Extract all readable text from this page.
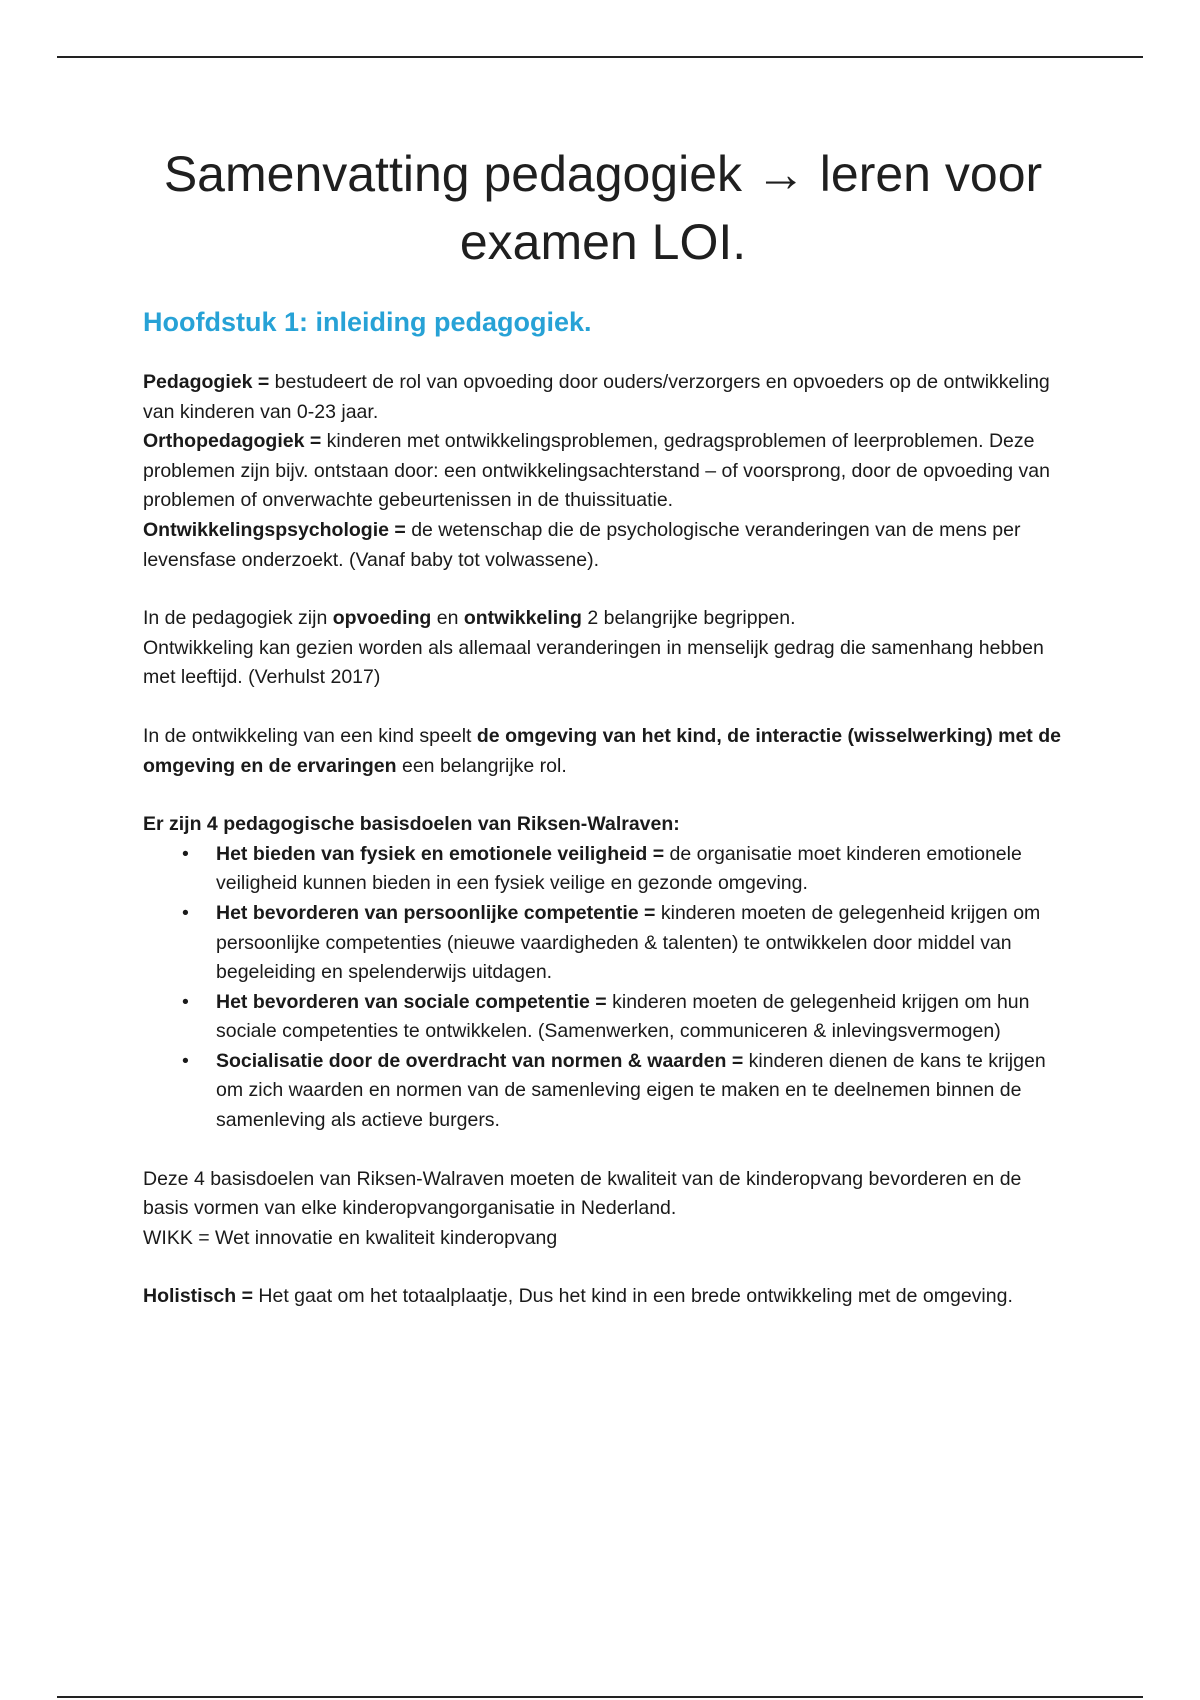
Samenvatting pedagogiek → leren voor
examen LOI.
Hoofdstuk 1: inleiding pedagogiek.

Pedagogiek = bestudeert de rol van opvoeding door ouders/verzorgers en opvoeders op de ontwikkeling van kinderen van 0-23 jaar.

Orthopedagogiek = kinderen met ontwikkelingsproblemen, gedragsproblemen of leerproblemen. Deze problemen zijn bijv. ontstaan door: een ontwikkelingsachterstand – of voorsprong, door de opvoeding van problemen of onverwachte gebeurtenissen in de thuissituatie.

Ontwikkelingspsychologie = de wetenschap die de psychologische veranderingen van de mens per levensfase onderzoekt. (Vanaf baby tot volwassene).

In de pedagogiek zijn opvoeding en ontwikkeling 2 belangrijke begrippen.

Ontwikkeling kan gezien worden als allemaal veranderingen in menselijk gedrag die samenhang hebben met leeftijd. (Verhulst 2017)

In de ontwikkeling van een kind speelt de omgeving van het kind, de interactie (wisselwerking) met de omgeving en de ervaringen een belangrijke rol.

Er zijn 4 pedagogische basisdoelen van Riksen-Walraven:

• Het bieden van fysiek en emotionele veiligheid = de organisatie moet kinderen emotionele veiligheid kunnen bieden in een fysiek veilige en gezonde omgeving.
• Het bevorderen van persoonlijke competentie = kinderen moeten de gelegenheid krijgen om persoonlijke competenties (nieuwe vaardigheden & talenten) te ontwikkelen door middel van begeleiding en spelenderwijs uitdagen.
• Het bevorderen van sociale competentie = kinderen moeten de gelegenheid krijgen om hun sociale competenties te ontwikkelen. (Samenwerken, communiceren & inlevingsvermogen)
• Socialisatie door de overdracht van normen & waarden = kinderen dienen de kans te krijgen om zich waarden en normen van de samenleving eigen te maken en te deelnemen binnen de samenleving als actieve burgers.

Deze 4 basisdoelen van Riksen-Walraven moeten de kwaliteit van de kinderopvang bevorderen en de basis vormen van elke kinderopvangorganisatie in Nederland.

WIKK = Wet innovatie en kwaliteit kinderopvang

Holistisch = Het gaat om het totaalplaatje, Dus het kind in een brede ontwikkeling met de omgeving.
